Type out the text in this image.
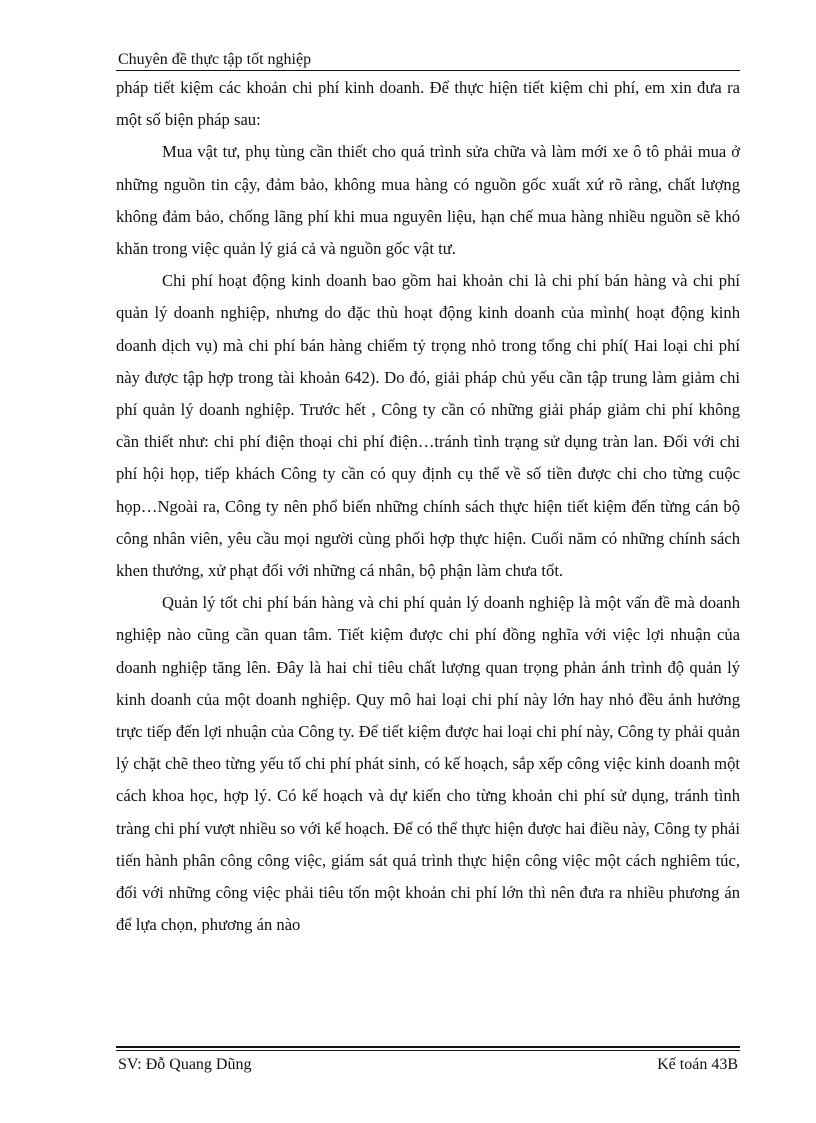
Chuyên đề thực tập tốt nghiệp

pháp tiết kiệm các khoản chi phí kinh doanh. Để thực hiện tiết kiệm chi phí, em xin đưa ra một số biện pháp sau:

Mua vật tư, phụ tùng cần thiết cho quá trình sửa chữa và làm mới xe ô tô phải mua ở những nguồn tin cậy, đảm bảo, không mua hàng có nguồn gốc xuất xứ rõ ràng, chất lượng không đảm bảo, chống lãng phí khi mua nguyên liệu, hạn chế mua hàng nhiều nguồn sẽ khó khăn trong việc quản lý giá cả và nguồn gốc vật tư.

Chi phí hoạt động kinh doanh bao gồm hai khoản chi là chi phí bán hàng và chi phí quản lý doanh nghiệp, nhưng do đặc thù hoạt động kinh doanh của mình( hoạt động kinh doanh dịch vụ) mà chi phí bán hàng chiếm tỷ trọng nhỏ trong tổng chi phí( Hai loại chi phí này được tập hợp trong tài khoản 642). Do đó, giải pháp chủ yếu cần tập trung làm giảm chi phí quản lý doanh nghiệp. Trước hết , Công ty cần có những giải pháp giảm chi phí không cần thiết như: chi phí điện thoại chi phí điện…tránh tình trạng sử dụng tràn lan. Đối với chi phí hội họp, tiếp khách Công ty cần có quy định cụ thể về số tiền được chi cho từng cuộc họp…Ngoài ra, Công ty nên phổ biến những chính sách thực hiện tiết kiệm đến từng cán bộ công nhân viên, yêu cầu mọi người cùng phối hợp thực hiện. Cuối năm có những chính sách khen thưởng, xử phạt đối với những cá nhân, bộ phận làm chưa tốt.

Quản lý tốt chi phí bán hàng và chi phí quản lý doanh nghiệp là một vấn đề mà doanh nghiệp nào cũng cần quan tâm. Tiết kiệm được chi phí đồng nghĩa với việc lợi nhuận của doanh nghiệp tăng lên. Đây là hai chỉ tiêu chất lượng quan trọng phản ánh trình độ quản lý kinh doanh của một doanh nghiệp. Quy mô hai loại chi phí này lớn hay nhỏ đều ảnh hưởng trực tiếp đến lợi nhuận của Công ty. Để tiết kiệm được hai loại chi phí này, Công ty phải quản lý chặt chẽ theo từng yếu tố chi phí phát sinh, có kế hoạch, sắp xếp công việc kinh doanh một cách khoa học, hợp lý. Có kế hoạch và dự kiến cho từng khoản chi phí sử dụng, tránh tình tràng chi phí vượt nhiều so với kế hoạch. Để có thể thực hiện được hai điều này, Công ty phải tiến hành phân công công việc, giám sát quá trình thực hiện công việc một cách nghiêm túc, đối với những công việc phải tiêu tốn một khoản chi phí lớn thì nên đưa ra nhiều phương án để lựa chọn, phương án nào

SV: Đỗ Quang Dũng	Kế toán 43B
